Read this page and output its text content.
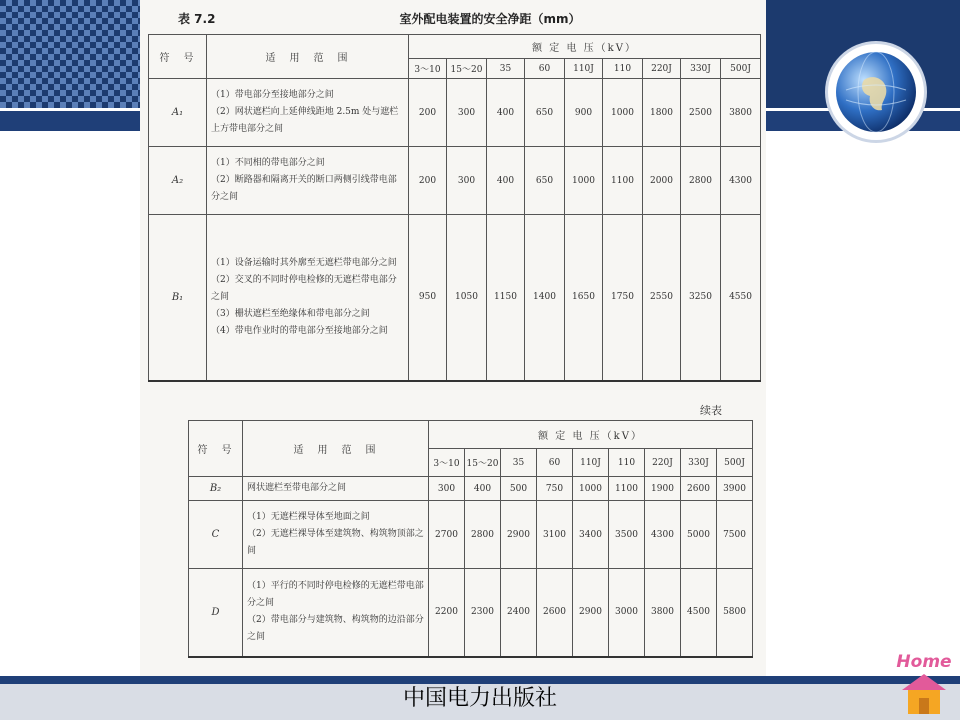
表 7.2	室外配电装置的安全净距（mm）
符　号	适　用　范　围	额 定 电 压（kV）								
		3～10	15～20	35	60	110J	110	220J	330J	500J
A₁	（1）带电部分至接地部分之间
（2）网状遮栏向上延伸线距地 2.5m 处与遮栏上方带电部分之间	200	300	400	650	900	1000	1800	2500	3800
A₂	（1）不同相的带电部分之间
（2）断路器和隔离开关的断口两侧引线带电部分之间	200	300	400	650	1000	1100	2000	2800	4300
B₁	（1）设备运输时其外廓至无遮栏带电部分之间
（2）交叉的不同时停电检修的无遮栏带电部分之间
（3）栅状遮栏至绝缘体和带电部分之间
（4）带电作业时的带电部分至接地部分之间	950	1050	1150	1400	1650	1750	2550	3250	4550
续表
符　号	适　用　范　围	额 定 电 压（kV）								
		3～10	15～20	35	60	110J	110	220J	330J	500J
B₂	网状遮栏至带电部分之间	300	400	500	750	1000	1100	1900	2600	3900
C	（1）无遮栏裸导体至地面之间
（2）无遮栏裸导体至建筑物、构筑物顶部之间	2700	2800	2900	3100	3400	3500	4300	5000	7500
D	（1）平行的不同时停电检修的无遮栏带电部分之间
（2）带电部分与建筑物、构筑物的边沿部分之间	2200	2300	2400	2600	2900	3000	3800	4500	5800
中国电力出版社
Home
